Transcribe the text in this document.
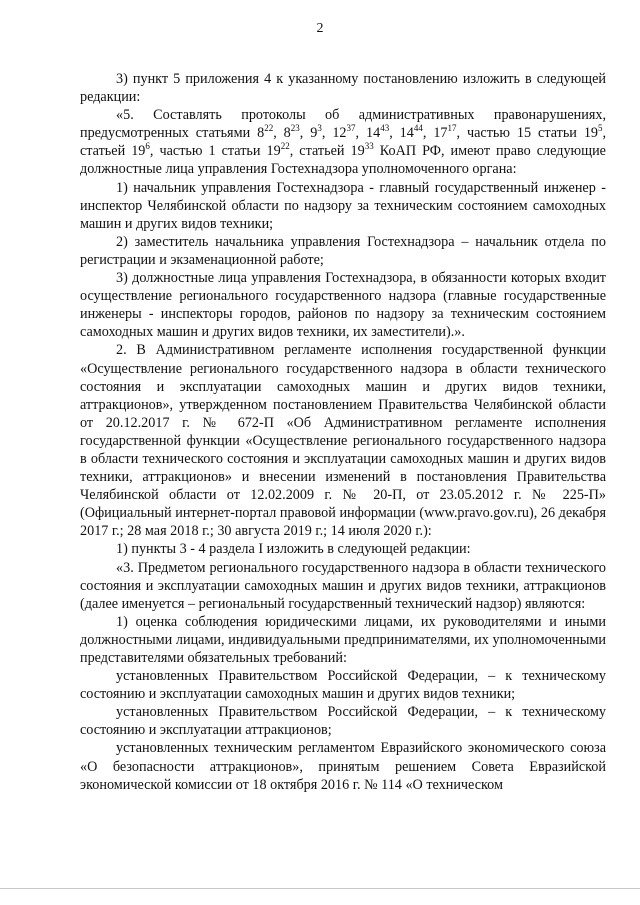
2

3) пункт 5 приложения 4 к указанному постановлению изложить в следующей редакции:

«5. Составлять протоколы об административных правонарушениях, предусмотренных статьями $8^{22}$, $8^{23}$, $9^3$, $12^{37}$, $14^{43}$, $14^{44}$, $17^{17}$, частью 15 статьи $19^5$, статьей $19^6$, частью 1 статьи $19^{22}$, статьей $19^{33}$ КоАП РФ, имеют право следующие должностные лица управления Гостехнадзора уполномоченного органа:

1) начальник управления Гостехнадзора - главный государственный инженер - инспектор Челябинской области по надзору за техническим состоянием самоходных машин и других видов техники;

2) заместитель начальника управления Гостехнадзора – начальник отдела по регистрации и экзаменационной работе;

3) должностные лица управления Гостехнадзора, в обязанности которых входит осуществление регионального государственного надзора (главные государственные инженеры - инспекторы городов, районов по надзору за техническим состоянием самоходных машин и других видов техники, их заместители).».

2. В Административном регламенте исполнения государственной функции «Осуществление регионального государственного надзора в области технического состояния и эксплуатации самоходных машин и других видов техники, аттракционов», утвержденном постановлением Правительства Челябинской области от 20.12.2017 г. № 672-П «Об Административном регламенте исполнения государственной функции «Осуществление регионального государственного надзора в области технического состояния и эксплуатации самоходных машин и других видов техники, аттракционов» и внесении изменений в постановления Правительства Челябинской области от 12.02.2009 г. № 20-П, от 23.05.2012 г. № 225-П» (Официальный интернет-портал правовой информации (www.pravo.gov.ru), 26 декабря 2017 г.; 28 мая 2018 г.; 30 августа 2019 г.; 14 июля 2020 г.):

1) пункты 3 - 4 раздела I изложить в следующей редакции:

«3. Предметом регионального государственного надзора в области технического состояния и эксплуатации самоходных машин и других видов техники, аттракционов (далее именуется – региональный государственный технический надзор) являются:

1) оценка соблюдения юридическими лицами, их руководителями и иными должностными лицами, индивидуальными предпринимателями, их уполномоченными представителями обязательных требований:

установленных Правительством Российской Федерации, – к техническому состоянию и эксплуатации самоходных машин и других видов техники;

установленных Правительством Российской Федерации, – к техническому состоянию и эксплуатации аттракционов;

установленных техническим регламентом Евразийского экономического союза «О безопасности аттракционов», принятым решением Совета Евразийской экономической комиссии от 18 октября 2016 г. № 114 «О техническом
